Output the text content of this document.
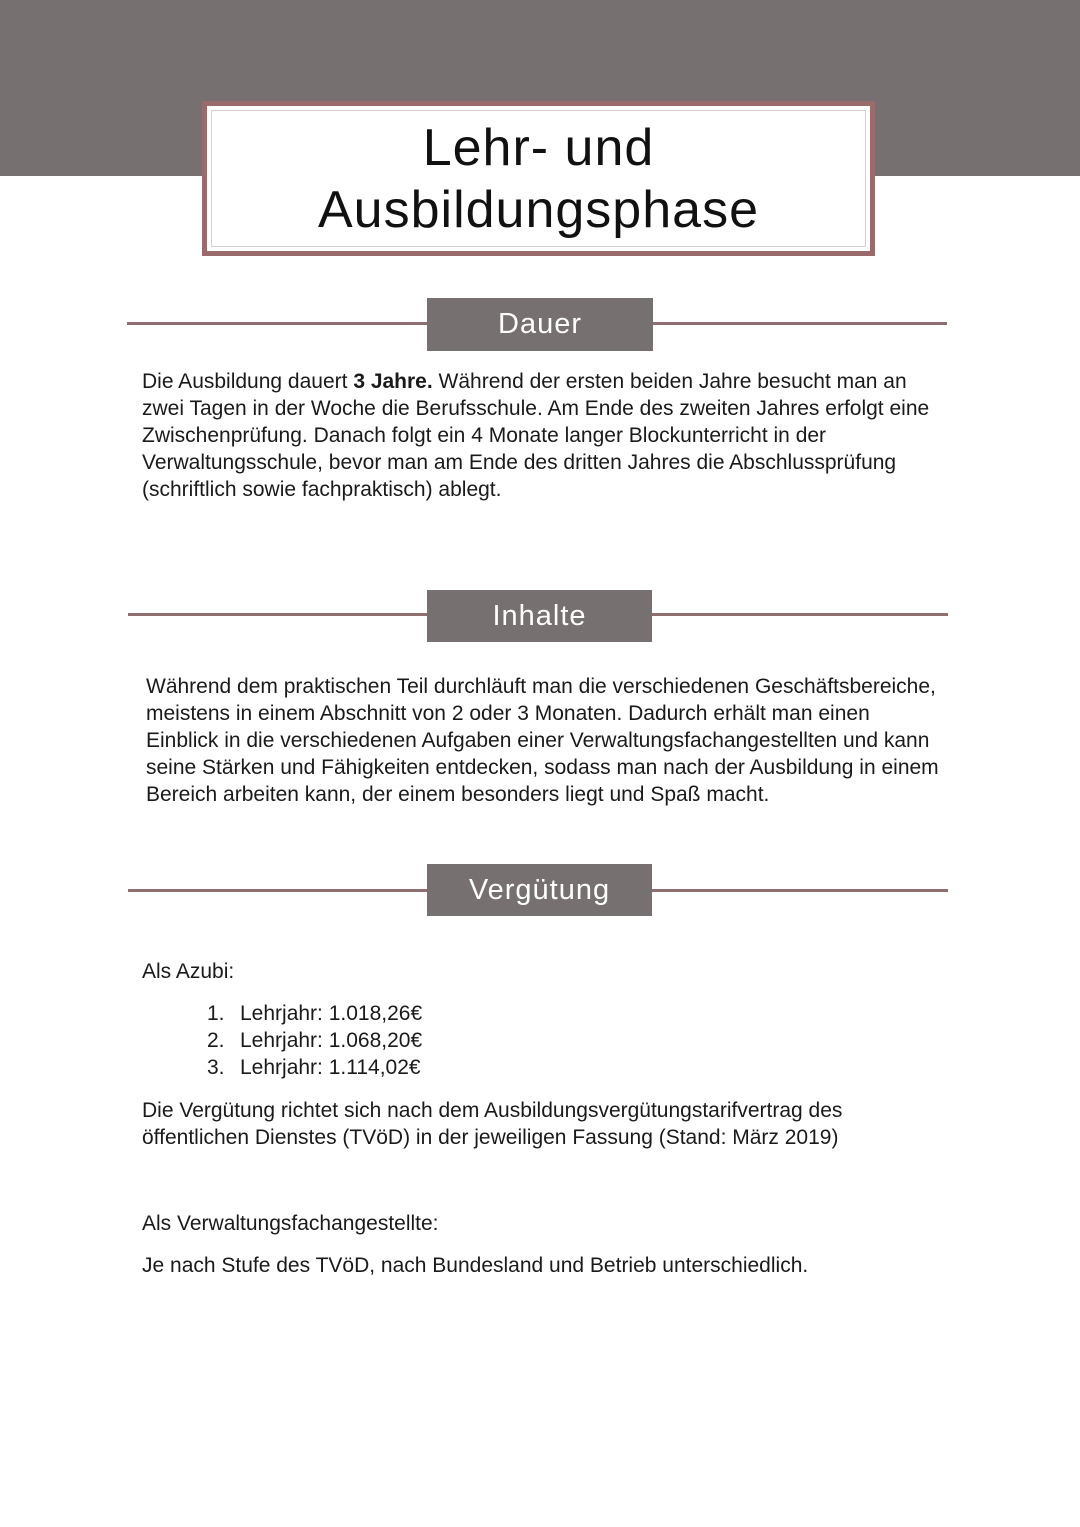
Lehr- und
Ausbildungsphase
Dauer

Die Ausbildung dauert 3 Jahre. Während der ersten beiden Jahre besucht man an zwei Tagen in der Woche die Berufsschule. Am Ende des zweiten Jahres erfolgt eine Zwischenprüfung. Danach folgt ein 4 Monate langer Blockunterricht in der Verwaltungsschule, bevor man am Ende des dritten Jahres die Abschlussprüfung (schriftlich sowie fachpraktisch) ablegt.

Inhalte

Während dem praktischen Teil durchläuft man die verschiedenen Geschäftsbereiche, meistens in einem Abschnitt von 2 oder 3 Monaten. Dadurch erhält man einen Einblick in die verschiedenen Aufgaben einer Verwaltungsfachangestellten und kann seine Stärken und Fähigkeiten entdecken, sodass man nach der Ausbildung in einem Bereich arbeiten kann, der einem besonders liegt und Spaß macht.

Vergütung

Als Azubi:

1. Lehrjahr: 1.018,26€
2. Lehrjahr: 1.068,20€
3. Lehrjahr: 1.114,02€

Die Vergütung richtet sich nach dem Ausbildungsvergütungstarifvertrag des öffentlichen Dienstes (TVöD) in der jeweiligen Fassung (Stand: März 2019)

Als Verwaltungsfachangestellte:

Je nach Stufe des TVöD, nach Bundesland und Betrieb unterschiedlich.
